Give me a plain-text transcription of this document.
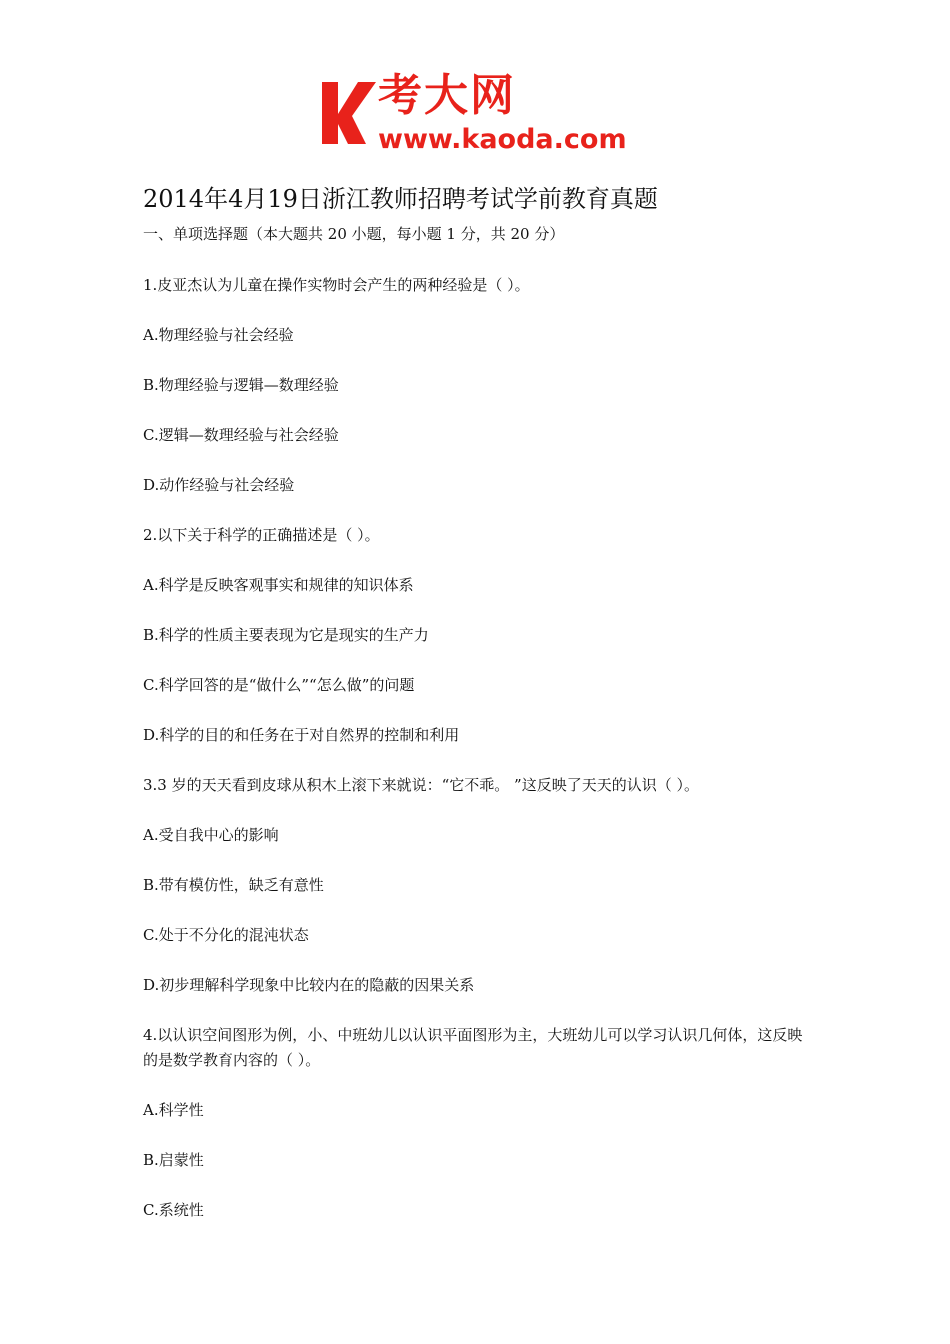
考大网
www.kaoda.com
2014年4月19日浙江教师招聘考试学前教育真题
一、单项选择题（本大题共 20 小题，每小题 1 分，共 20 分）
1.皮亚杰认为儿童在操作实物时会产生的两种经验是（ ）。
A.物理经验与社会经验
B.物理经验与逻辑—数理经验
C.逻辑—数理经验与社会经验
D.动作经验与社会经验
2.以下关于科学的正确描述是（ ）。
A.科学是反映客观事实和规律的知识体系
B.科学的性质主要表现为它是现实的生产力
C.科学回答的是“做什么”“怎么做”的问题
D.科学的目的和任务在于对自然界的控制和利用
3.3 岁的天天看到皮球从积木上滚下来就说：“它不乖。 ”这反映了天天的认识（ ）。
A.受自我中心的影响
B.带有模仿性，缺乏有意性
C.处于不分化的混沌状态
D.初步理解科学现象中比较内在的隐蔽的因果关系
4.以认识空间图形为例，小、中班幼儿以认识平面图形为主，大班幼儿可以学习认识几何体，这反映的是数学教育内容的（ ）。
A.科学性
B.启蒙性
C.系统性
